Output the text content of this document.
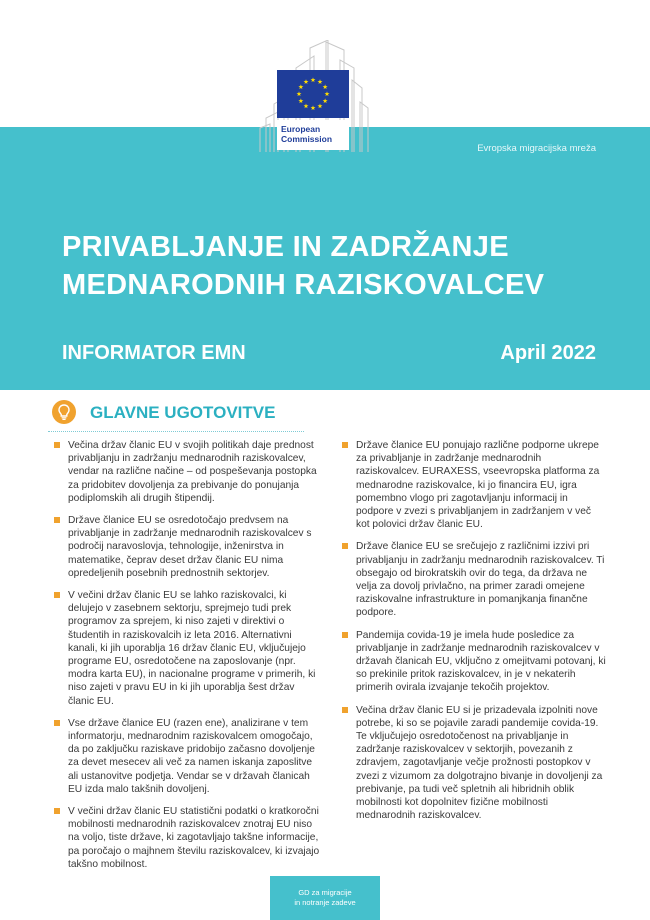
European
Commission
Evropska migracijska mreža
PRIVABLJANJE IN ZADRŽANJE
MEDNARODNIH RAZISKOVALCEV
INFORMATOR EMN	April 2022
GLAVNE UGOTOVITVE
Večina držav članic EU v svojih politikah daje prednost privabljanju in zadržanju mednarodnih raziskovalcev, vendar na različne načine – od pospeševanja postopka za pridobitev dovoljenja za prebivanje do ponujanja podiplomskih ali drugih štipendij.
Države članice EU se osredotočajo predvsem na privabljanje in zadržanje mednarodnih raziskovalcev s področij naravoslovja, tehnologije, inženirstva in matematike, čeprav deset držav članic EU nima opredeljenih posebnih prednostnih sektorjev.
V večini držav članic EU se lahko raziskovalci, ki delujejo v zasebnem sektorju, sprejmejo tudi prek programov za sprejem, ki niso zajeti v direktivi o študentih in raziskovalcih iz leta 2016. Alternativni kanali, ki jih uporablja 16 držav članic EU, vključujejo programe EU, osredotočene na zaposlovanje (npr. modra karta EU), in nacionalne programe v primerih, ki niso zajeti v pravu EU in ki jih uporablja šest držav članic EU.
Vse države članice EU (razen ene), analizirane v tem informatorju, mednarodnim raziskovalcem omogočajo, da po zaključku raziskave pridobijo začasno dovoljenje za devet mesecev ali več za namen iskanja zaposlitve ali ustanovitve podjetja. Vendar se v državah članicah EU izda malo takšnih dovoljenj.
V večini držav članic EU statistični podatki o kratkoročni mobilnosti mednarodnih raziskovalcev znotraj EU niso na voljo, tiste države, ki zagotavljajo takšne informacije, pa poročajo o majhnem številu raziskovalcev, ki izvajajo takšno mobilnost.
Države članice EU ponujajo različne podporne ukrepe za privabljanje in zadržanje mednarodnih raziskovalcev. EURAXESS, vseevropska platforma za mednarodne raziskovalce, ki jo financira EU, igra pomembno vlogo pri zagotavljanju informacij in podpore v zvezi s privabljanjem in zadržanjem v več kot polovici držav članic EU.
Države članice EU se srečujejo z različnimi izzivi pri privabljanju in zadržanju mednarodnih raziskovalcev. Ti obsegajo od birokratskih ovir do tega, da država ne velja za dovolj privlačno, na primer zaradi omejene raziskovalne infrastrukture in pomanjkanja finančne podpore.
Pandemija covida-19 je imela hude posledice za privabljanje in zadržanje mednarodnih raziskovalcev v državah članicah EU, vključno z omejitvami potovanj, ki so prekinile pritok raziskovalcev, in je v nekaterih primerih ovirala izvajanje tekočih projektov.
Večina držav članic EU si je prizadevala izpolniti nove potrebe, ki so se pojavile zaradi pandemije covida-19. Te vključujejo osredotočenost na privabljanje in zadržanje raziskovalcev v sektorjih, povezanih z zdravjem, zagotavljanje večje prožnosti postopkov v zvezi z vizumom za dolgotrajno bivanje in dovoljenji za prebivanje, pa tudi več spletnih ali hibridnih oblik mobilnosti kot dopolnitev fizične mobilnosti mednarodnih raziskovalcev.
GD za migracije
in notranje zadeve
